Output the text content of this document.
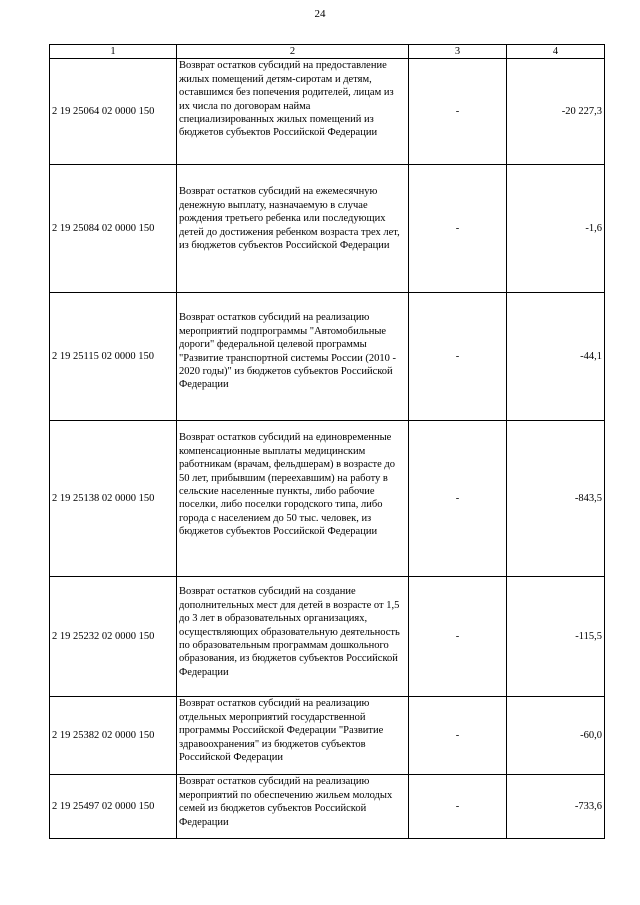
24
1	2	3	4
2 19 25064 02 0000 150	Возврат остатков субсидий на предоставление жилых помещений детям-сиротам и детям, оставшимся без попечения родителей, лицам из их числа по договорам найма специализированных жилых помещений из бюджетов субъектов Российской Федерации	-	-20 227,3
2 19 25084 02 0000 150	Возврат остатков субсидий на ежемесячную денежную выплату, назначаемую в случае рождения третьего ребенка или последующих детей до достижения ребенком возраста трех лет, из бюджетов субъектов Российской Федерации	-	-1,6
2 19 25115 02 0000 150	Возврат остатков субсидий на реализацию мероприятий подпрограммы "Автомобильные дороги" федеральной целевой программы "Развитие транспортной системы России (2010 - 2020 годы)" из бюджетов субъектов Российской Федерации	-	-44,1
2 19 25138 02 0000 150	Возврат остатков субсидий на единовременные компенсационные выплаты медицинским работникам (врачам, фельдшерам) в возрасте до 50 лет, прибывшим (переехавшим) на работу в сельские населенные пункты, либо рабочие поселки, либо поселки городского типа, либо города с населением до 50 тыс. человек, из бюджетов субъектов Российской Федерации	-	-843,5
2 19 25232 02 0000 150	Возврат остатков субсидий на создание дополнительных мест для детей в возрасте от 1,5 до 3 лет в образовательных организациях, осуществляющих образовательную деятельность по образовательным программам дошкольного образования, из бюджетов субъектов Российской Федерации	-	-115,5
2 19 25382 02 0000 150	Возврат остатков субсидий на реализацию отдельных мероприятий государственной программы Российской Федерации "Развитие здравоохранения" из бюджетов субъектов Российской Федерации	-	-60,0
2 19 25497 02 0000 150	Возврат остатков субсидий на реализацию мероприятий по обеспечению жильем молодых семей из бюджетов субъектов Российской Федерации	-	-733,6
